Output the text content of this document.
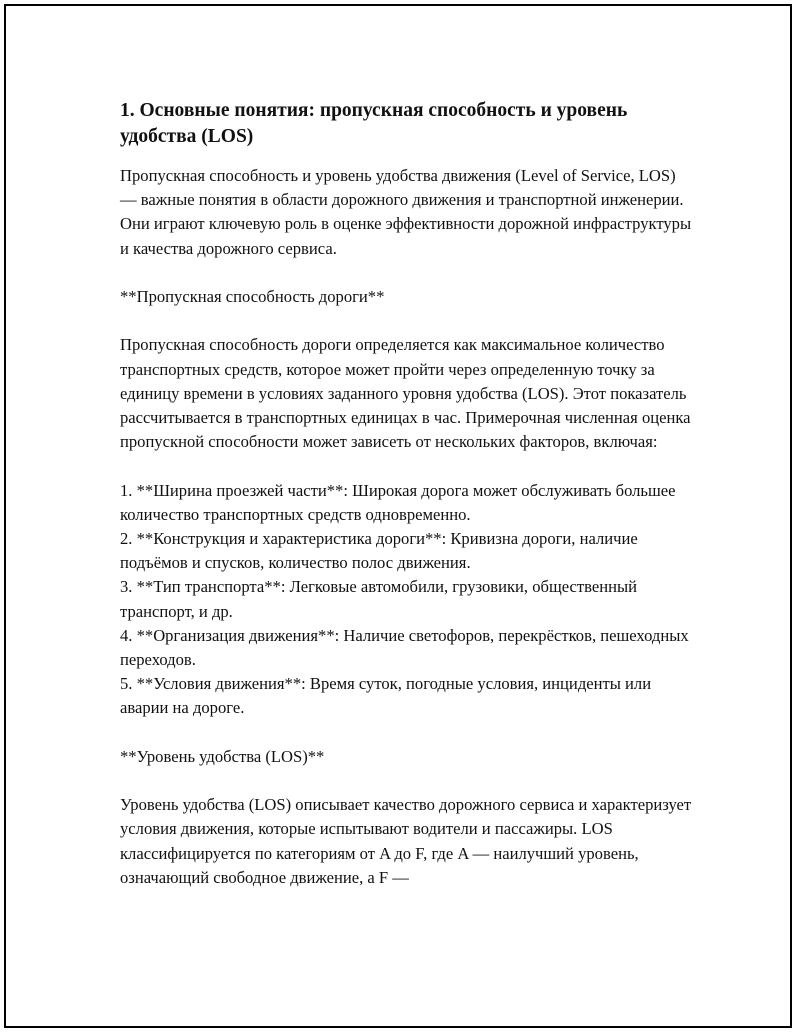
1. Основные понятия: пропускная способность и уровень удобства (LOS)

Пропускная способность и уровень удобства движения (Level of Service, LOS) — важные понятия в области дорожного движения и транспортной инженерии. Они играют ключевую роль в оценке эффективности дорожной инфраструктуры и качества дорожного сервиса.

**Пропускная способность дороги**

Пропускная способность дороги определяется как максимальное количество транспортных средств, которое может пройти через определенную точку за единицу времени в условиях заданного уровня удобства (LOS). Этот показатель рассчитывается в транспортных единицах в час. Примерочная численная оценка пропускной способности может зависеть от нескольких факторов, включая:

1. **Ширина проезжей части**: Широкая дорога может обслуживать большее количество транспортных средств одновременно.

2. **Конструкция и характеристика дороги**: Кривизна дороги, наличие подъёмов и спусков, количество полос движения.

3. **Тип транспорта**: Легковые автомобили, грузовики, общественный транспорт, и др.

4. **Организация движения**: Наличие светофоров, перекрёстков, пешеходных переходов.

5. **Условия движения**: Время суток, погодные условия, инциденты или аварии на дороге.

**Уровень удобства (LOS)**

Уровень удобства (LOS) описывает качество дорожного сервиса и характеризует условия движения, которые испытывают водители и пассажиры. LOS классифицируется по категориям от A до F, где A — наилучший уровень, означающий свободное движение, а F —
